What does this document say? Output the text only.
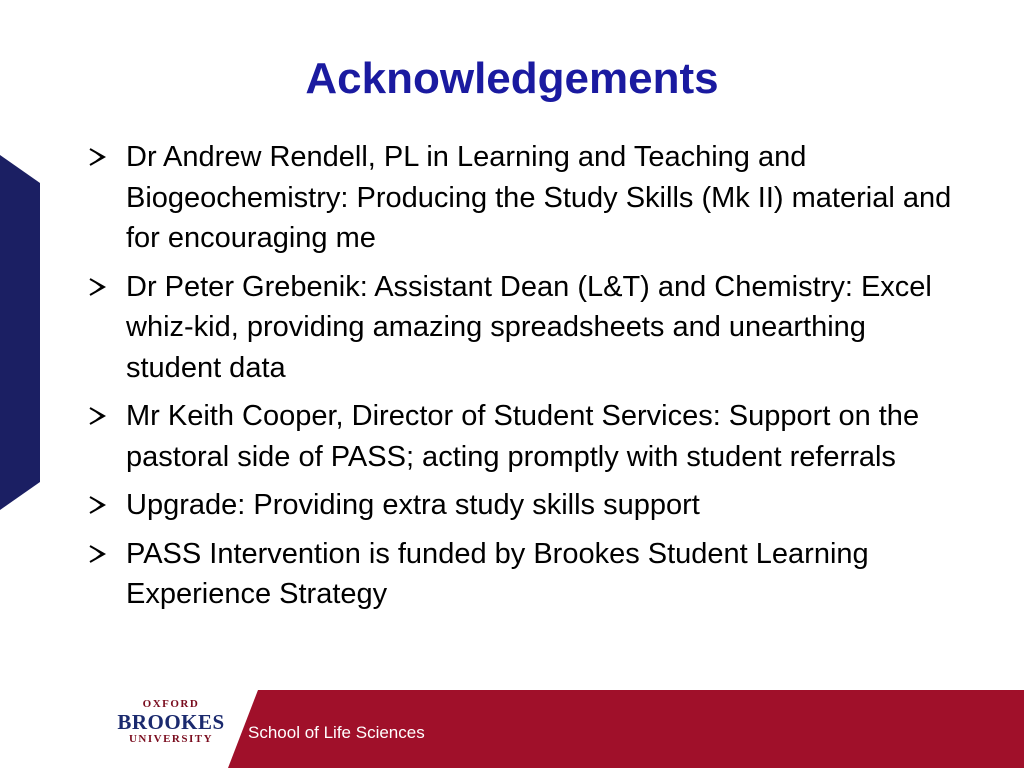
Acknowledgements
Dr Andrew Rendell, PL in Learning and Teaching and Biogeochemistry: Producing the Study Skills (Mk II) material and for encouraging me
Dr Peter Grebenik: Assistant Dean (L&T) and Chemistry: Excel whiz-kid, providing amazing spreadsheets and unearthing student data
Mr Keith Cooper, Director of Student Services: Support on the pastoral side of PASS; acting promptly with student referrals
Upgrade: Providing extra study skills support
PASS Intervention is funded by Brookes Student Learning Experience Strategy
OXFORD
BROOKES
UNIVERSITY	School of Life Sciences
